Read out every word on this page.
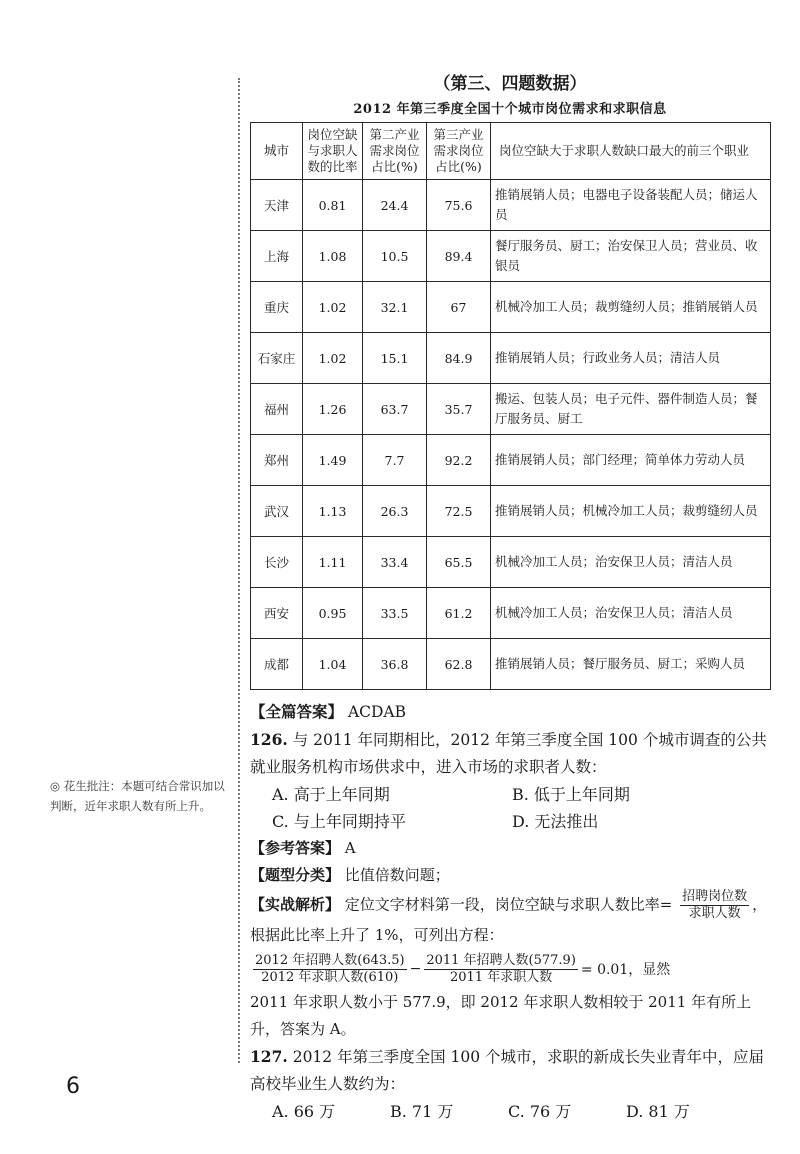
◎ 花生批注：本题可结合常识加以判断，近年求职人数有所上升。
（第三、四题数据）
2012 年第三季度全国十个城市岗位需求和求职信息
城市	岗位空缺与求职人数的比率	第二产业需求岗位占比(%)	第三产业需求岗位占比(%)	岗位空缺大于求职人数缺口最大的前三个职业
天津	0.81	24.4	75.6	推销展销人员；电器电子设备装配人员；储运人员
上海	1.08	10.5	89.4	餐厅服务员、厨工；治安保卫人员；营业员、收银员
重庆	1.02	32.1	67	机械冷加工人员；裁剪缝纫人员；推销展销人员
石家庄	1.02	15.1	84.9	推销展销人员；行政业务人员；清洁人员
福州	1.26	63.7	35.7	搬运、包装人员；电子元件、器件制造人员；餐厅服务员、厨工
郑州	1.49	7.7	92.2	推销展销人员；部门经理；简单体力劳动人员
武汉	1.13	26.3	72.5	推销展销人员；机械冷加工人员；裁剪缝纫人员
长沙	1.11	33.4	65.5	机械冷加工人员；治安保卫人员；清洁人员
西安	0.95	33.5	61.2	机械冷加工人员；治安保卫人员；清洁人员
成都	1.04	36.8	62.8	推销展销人员；餐厅服务员、厨工；采购人员
【全篇答案】 ACDAB
126. 与 2011 年同期相比，2012 年第三季度全国 100 个城市调查的公共就业服务机构市场供求中，进入市场的求职者人数：
A. 高于上年同期	B. 低于上年同期
C. 与上年同期持平	D. 无法推出
【参考答案】 A
【题型分类】 比值倍数问题；
【实战解析】 定位文字材料第一段，岗位空缺与求职人数比率= $\frac{\text{招聘岗位数}}{\text{求职人数}}$ ，根据此比率上升了 1%，可列出方程：
$\frac{\text{2012 年招聘人数(643.5)}}{\text{2012 年求职人数(610)}} - \frac{\text{2011 年招聘人数(577.9)}}{\text{2011 年求职人数}} = 0.01$，显然
2011 年求职人数小于 577.9，即 2012 年求职人数相较于 2011 年有所上升，答案为 A。
127. 2012 年第三季度全国 100 个城市，求职的新成长失业青年中，应届高校毕业生人数约为：
A. 66 万	B. 71 万	C. 76 万	D. 81 万
6
